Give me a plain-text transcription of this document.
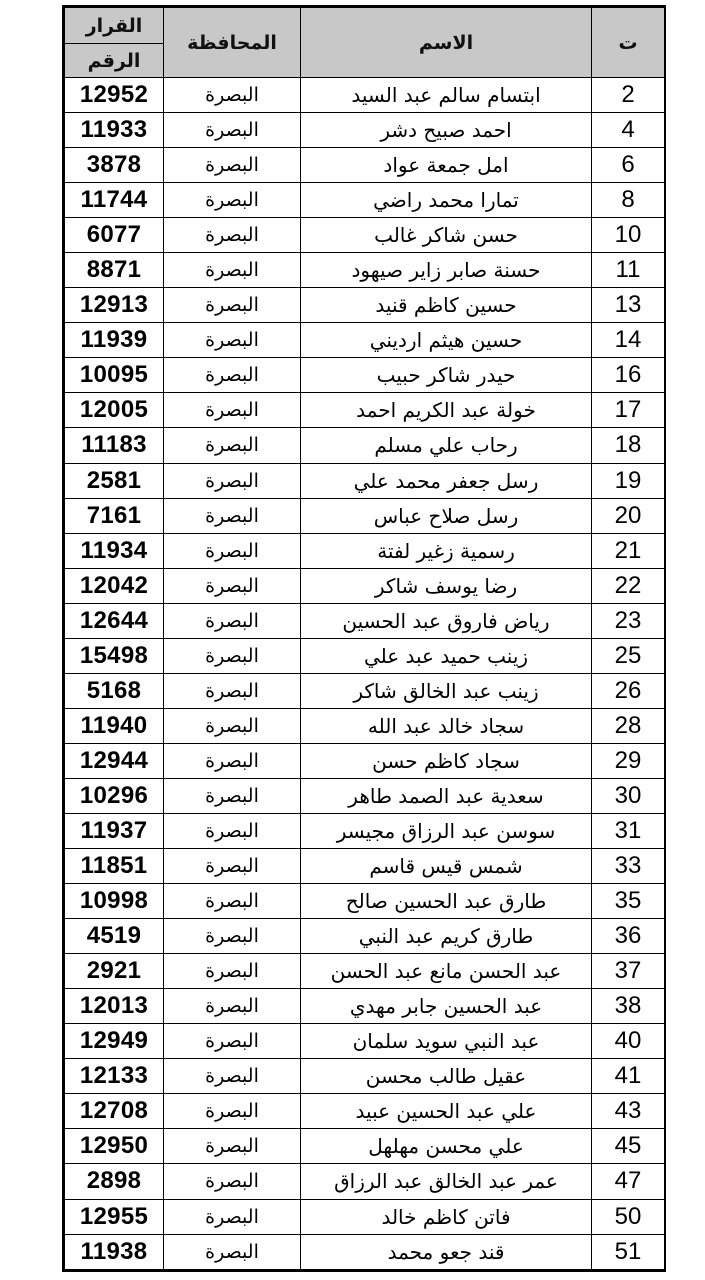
القرار	المحافظة	الاسم	ت
الرقم			
12952	البصرة	ابتسام سالم عبد السيد	2
11933	البصرة	احمد صبيح دشر	4
3878	البصرة	امل جمعة عواد	6
11744	البصرة	تمارا محمد راضي	8
6077	البصرة	حسن شاكر غالب	10
8871	البصرة	حسنة صابر زاير صيهود	11
12913	البصرة	حسين كاظم قنيد	13
11939	البصرة	حسين هيثم ارديني	14
10095	البصرة	حيدر شاكر حبيب	16
12005	البصرة	خولة عبد الكريم احمد	17
11183	البصرة	رحاب علي مسلم	18
2581	البصرة	رسل جعفر محمد علي	19
7161	البصرة	رسل صلاح عباس	20
11934	البصرة	رسمية زغير لفتة	21
12042	البصرة	رضا يوسف شاكر	22
12644	البصرة	رياض فاروق عبد الحسين	23
15498	البصرة	زينب حميد عبد علي	25
5168	البصرة	زينب عبد الخالق شاكر	26
11940	البصرة	سجاد خالد عبد الله	28
12944	البصرة	سجاد كاظم حسن	29
10296	البصرة	سعدية عبد الصمد طاهر	30
11937	البصرة	سوسن عبد الرزاق مجيسر	31
11851	البصرة	شمس قيس قاسم	33
10998	البصرة	طارق عبد الحسين صالح	35
4519	البصرة	طارق كريم عبد النبي	36
2921	البصرة	عبد الحسن مانع عبد الحسن	37
12013	البصرة	عبد الحسين جابر مهدي	38
12949	البصرة	عبد النبي سويد سلمان	40
12133	البصرة	عقيل طالب محسن	41
12708	البصرة	علي عبد الحسين عبيد	43
12950	البصرة	علي محسن مهلهل	45
2898	البصرة	عمر عبد الخالق عبد الرزاق	47
12955	البصرة	فاتن كاظم خالد	50
11938	البصرة	قند جعو محمد	51
